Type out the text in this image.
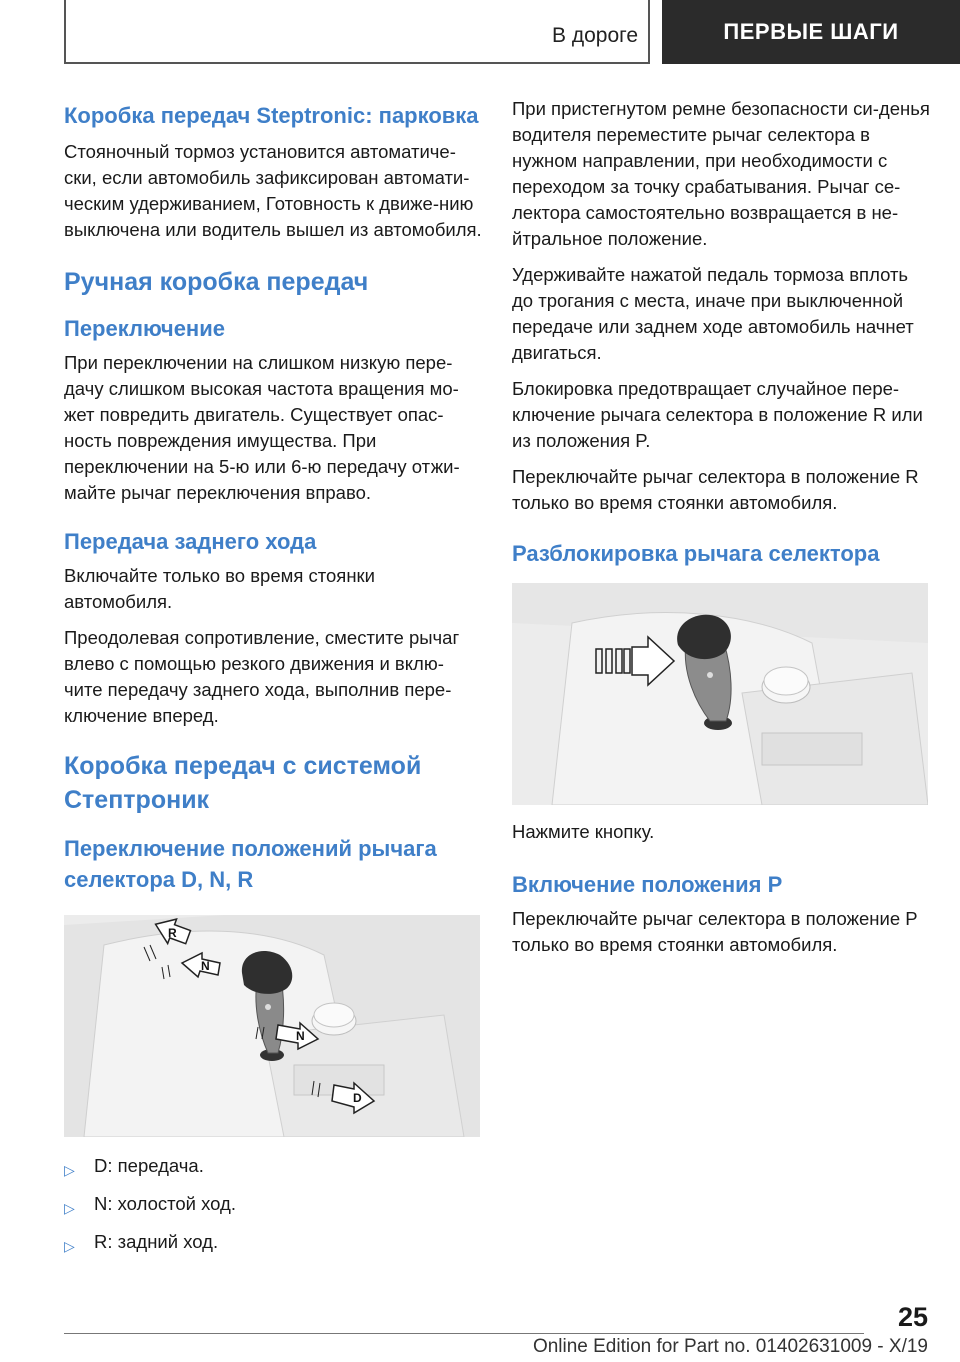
В дороге	ПЕРВЫЕ ШАГИ
Коробка передач Steptronic: парковка

Стояночный тормоз установится автоматиче‐ски, если автомобиль зафиксирован автомати‐ческим удерживанием, Готовность к движе‐нию выключена или водитель вышел из автомобиля.

Ручная коробка передач
Переключение

При переключении на слишком низкую пере‐дачу слишком высокая частота вращения мо‐жет повредить двигатель. Существует опас‐ность повреждения имущества. При переключении на 5-ю или 6-ю передачу отжи‐майте рычаг переключения вправо.

Передача заднего хода

Включайте только во время стоянки автомобиля.

Преодолевая сопротивление, сместите рычаг влево с помощью резкого движения и вклю‐чите передачу заднего хода, выполнив пере‐ключение вперед.

Коробка передач с системой Стептроник
Переключение положений рычага селектора D, N, R
R
N
N
D
▷	D: передача.
▷	N: холостой ход.
▷	R: задний ход.

При пристегнутом ремне безопасности си‐денья водителя переместите рычаг селектора в нужном направлении, при необходимости с переходом за точку срабатывания. Рычаг се‐лектора самостоятельно возвращается в не‐йтральное положение.

Удерживайте нажатой педаль тормоза вплоть до трогания с места, иначе при выключенной передаче или заднем ходе автомобиль начнет двигаться.

Блокировка предотвращает случайное пере‐ключение рычага селектора в положение R или из положения P.

Переключайте рычаг селектора в положение R только во время стоянки автомобиля.

Разблокировка рычага селектора

Нажмите кнопку.

Включение положения P

Переключайте рычаг селектора в положение P только во время стоянки автомобиля.

25
Online Edition for Part no. 01402631009 - X/19
